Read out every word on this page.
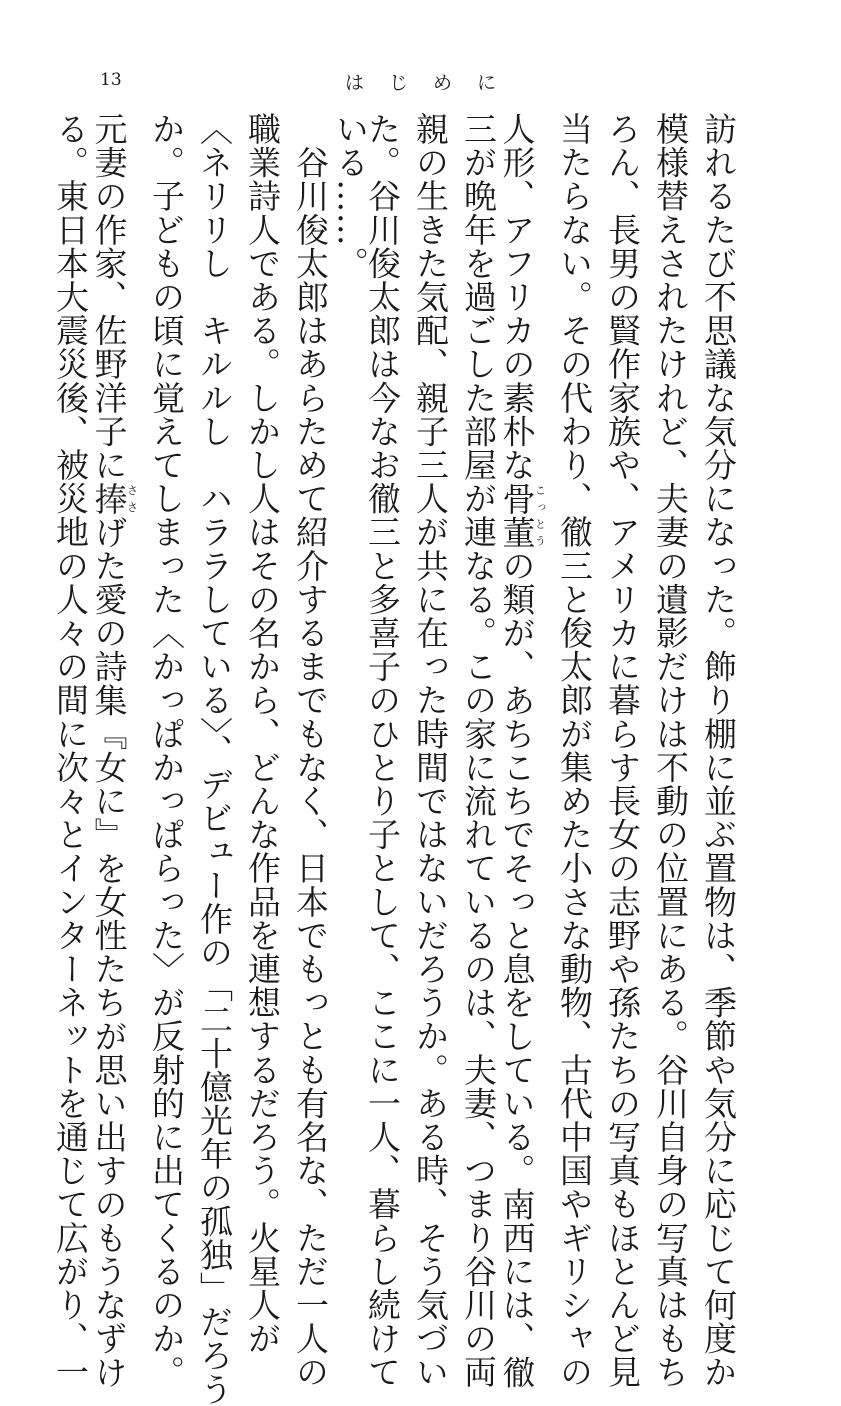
13	はじめに
訪れるたび不思議な気分になった。飾り棚に並ぶ置物は、季節や気分に応じて何度か
模様替えされたけれど、夫妻の遺影だけは不動の位置にある。谷川自身の写真はもち
ろん、長男の賢作家族や、アメリカに暮らす長女の志野や孫たちの写真もほとんど見
当たらない。その代わり、徹三と俊太郎が集めた小さな動物、古代中国やギリシャの
人形、アフリカの素朴な骨董こっとうの類が、あちこちでそっと息をしている。南西には、徹
三が晩年を過ごした部屋が連なる。この家に流れているのは、夫妻、つまり谷川の両
親の生きた気配、親子三人が共に在った時間ではないだろうか。ある時、そう気づい
た。谷川俊太郎は今なお徹三と多喜子のひとり子として、ここに一人、暮らし続けて
いる……。
　谷川俊太郎はあらためて紹介するまでもなく、日本でもっとも有名な、ただ一人の
職業詩人である。しかし人はその名から、どんな作品を連想するだろう。火星人が
〈ネリリし　キルルし　ハララしている〉、デビュー作の「二十億光年の孤独」だろう
か。子どもの頃に覚えてしまった〈かっぱかっぱらった〉が反射的に出てくるのか。
元妻の作家、佐野洋子に捧ささげた愛の詩集『女に』を女性たちが思い出すのもうなずけ
る。東日本大震災後、被災地の人々の間に次々とインターネットを通じて広がり、一
